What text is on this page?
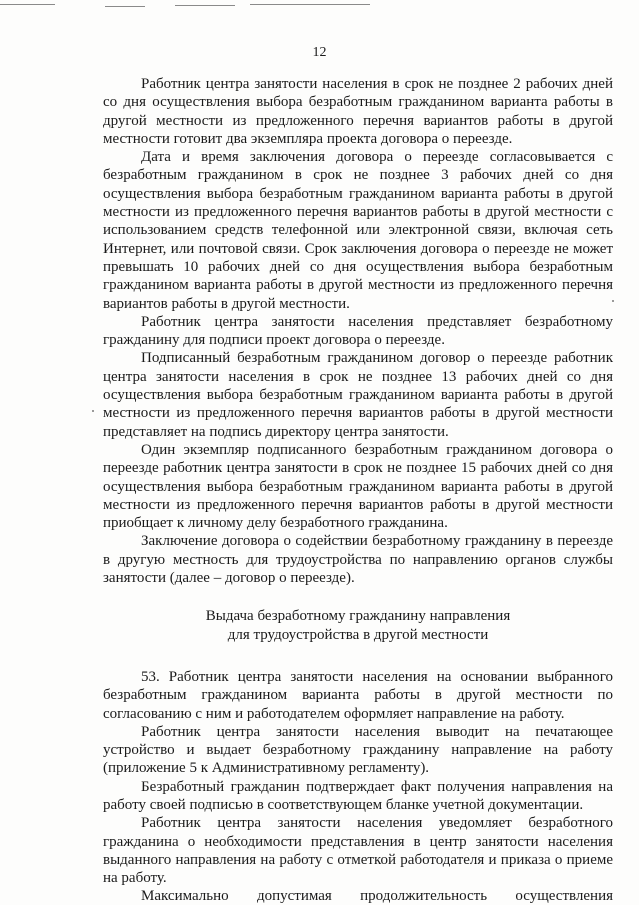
12

Работник центра занятости населения в срок не позднее 2 рабочих дней со дня осуществления выбора безработным гражданином варианта работы в другой местности из предложенного перечня вариантов работы в другой местности готовит два экземпляра проекта договора о переезде.

Дата и время заключения договора о переезде согласовывается с безработным гражданином в срок не позднее 3 рабочих дней со дня осуществления выбора безработным гражданином варианта работы в другой местности из предложенного перечня вариантов работы в другой местности с использованием средств телефонной или электронной связи, включая сеть Интернет, или почтовой связи. Срок заключения договора о переезде не может превышать 10 рабочих дней со дня осуществления выбора безработным гражданином варианта работы в другой местности из предложенного перечня вариантов работы в другой местности.

Работник центра занятости населения представляет безработному гражданину для подписи проект договора о переезде.

Подписанный безработным гражданином договор о переезде работник центра занятости населения в срок не позднее 13 рабочих дней со дня осуществления выбора безработным гражданином варианта работы в другой местности из предложенного перечня вариантов работы в другой местности представляет на подпись директору центра занятости.

Один экземпляр подписанного безработным гражданином договора о переезде работник центра занятости в срок не позднее 15 рабочих дней со дня осуществления выбора безработным гражданином варианта работы в другой местности из предложенного перечня вариантов работы в другой местности приобщает к личному делу безработного гражданина.

Заключение договора о содействии безработному гражданину в переезде в другую местность для трудоустройства по направлению органов службы занятости (далее – договор о переезде).

Выдача безработному гражданину направления
для трудоустройства в другой местности

53. Работник центра занятости населения на основании выбранного безработным гражданином варианта работы в другой местности по согласованию с ним и работодателем оформляет направление на работу.

Работник центра занятости населения выводит на печатающее устройство и выдает безработному гражданину направление на работу (приложение 5 к Административному регламенту).

Безработный гражданин подтверждает факт получения направления на работу своей подписью в соответствующем бланке учетной документации.

Работник центра занятости населения уведомляет безработного гражданина о необходимости представления в центр занятости населения выданного направления на работу с отметкой работодателя и приказа о приеме на работу.

Максимально допустимая продолжительность осуществления
